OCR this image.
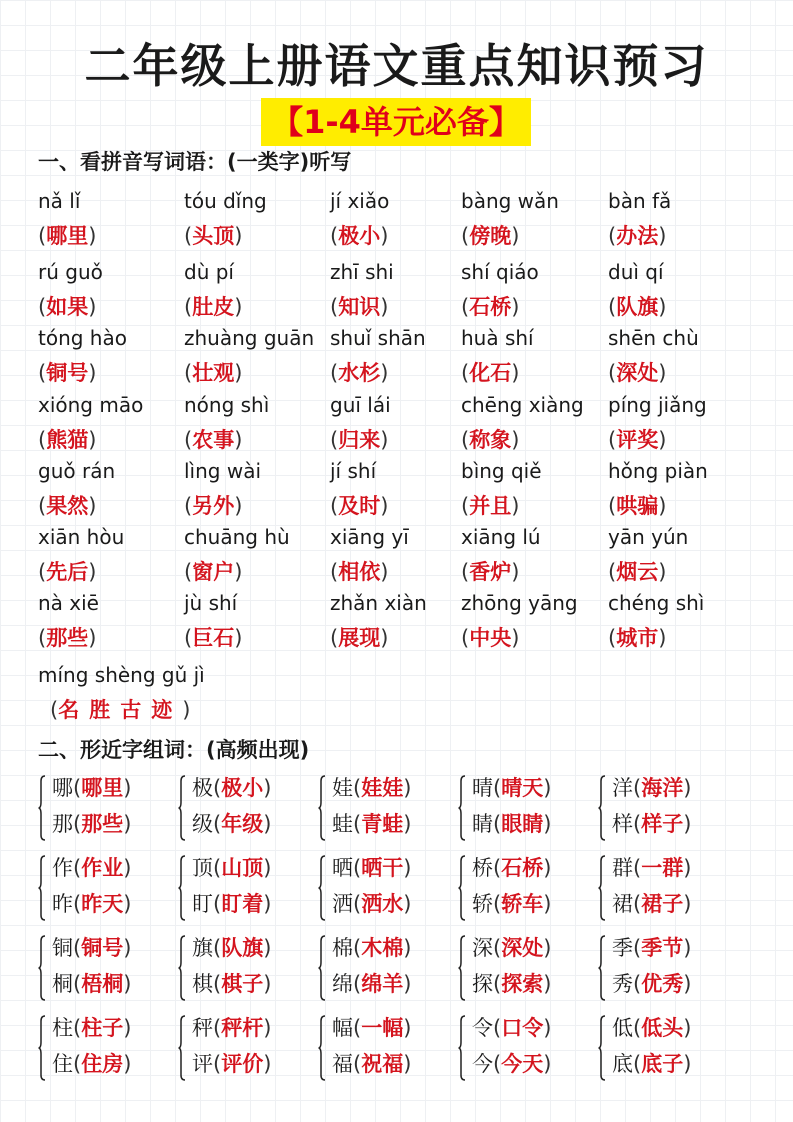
二年级上册语文重点知识预习
【1-4单元必备】
一、看拼音写词语：(一类字)听写
nǎ lǐ
(哪里)
tóu dǐng
(头顶)
jí xiǎo
(极小)
bàng wǎn
(傍晚)
bàn fǎ
(办法)
rú guǒ
(如果)
dù pí
(肚皮)
zhī shi
(知识)
shí qiáo
(石桥)
duì qí
(队旗)
tóng hào
(铜号)
zhuàng guān
(壮观)
shuǐ shān
(水杉)
huà shí
(化石)
shēn chù
(深处)
xióng māo
(熊猫)
nóng shì
(农事)
guī lái
(归来)
chēng xiàng
(称象)
píng jiǎng
(评奖)
guǒ rán
(果然)
lìng wài
(另外)
jí shí
(及时)
bìng qiě
(并且)
hǒng piàn
(哄骗)
xiān hòu
(先后)
chuāng hù
(窗户)
xiāng yī
(相依)
xiāng lú
(香炉)
yān yún
(烟云)
nà xiē
(那些)
jù shí
(巨石)
zhǎn xiàn
(展现)
zhōng yāng
(中央)
chéng shì
(城市)
míng shèng gǔ jì
(名胜古迹)
二、形近字组词：(高频出现)
哪(哪里)
那(那些)
极(极小)
级(年级)
娃(娃娃)
蛙(青蛙)
晴(晴天)
睛(眼睛)
洋(海洋)
样(样子)
作(作业)
昨(昨天)
顶(山顶)
盯(盯着)
晒(晒干)
洒(洒水)
桥(石桥)
轿(轿车)
群(一群)
裙(裙子)
铜(铜号)
桐(梧桐)
旗(队旗)
棋(棋子)
棉(木棉)
绵(绵羊)
深(深处)
探(探索)
季(季节)
秀(优秀)
柱(柱子)
住(住房)
秤(秤杆)
评(评价)
幅(一幅)
福(祝福)
令(口令)
今(今天)
低(低头)
底(底子)
